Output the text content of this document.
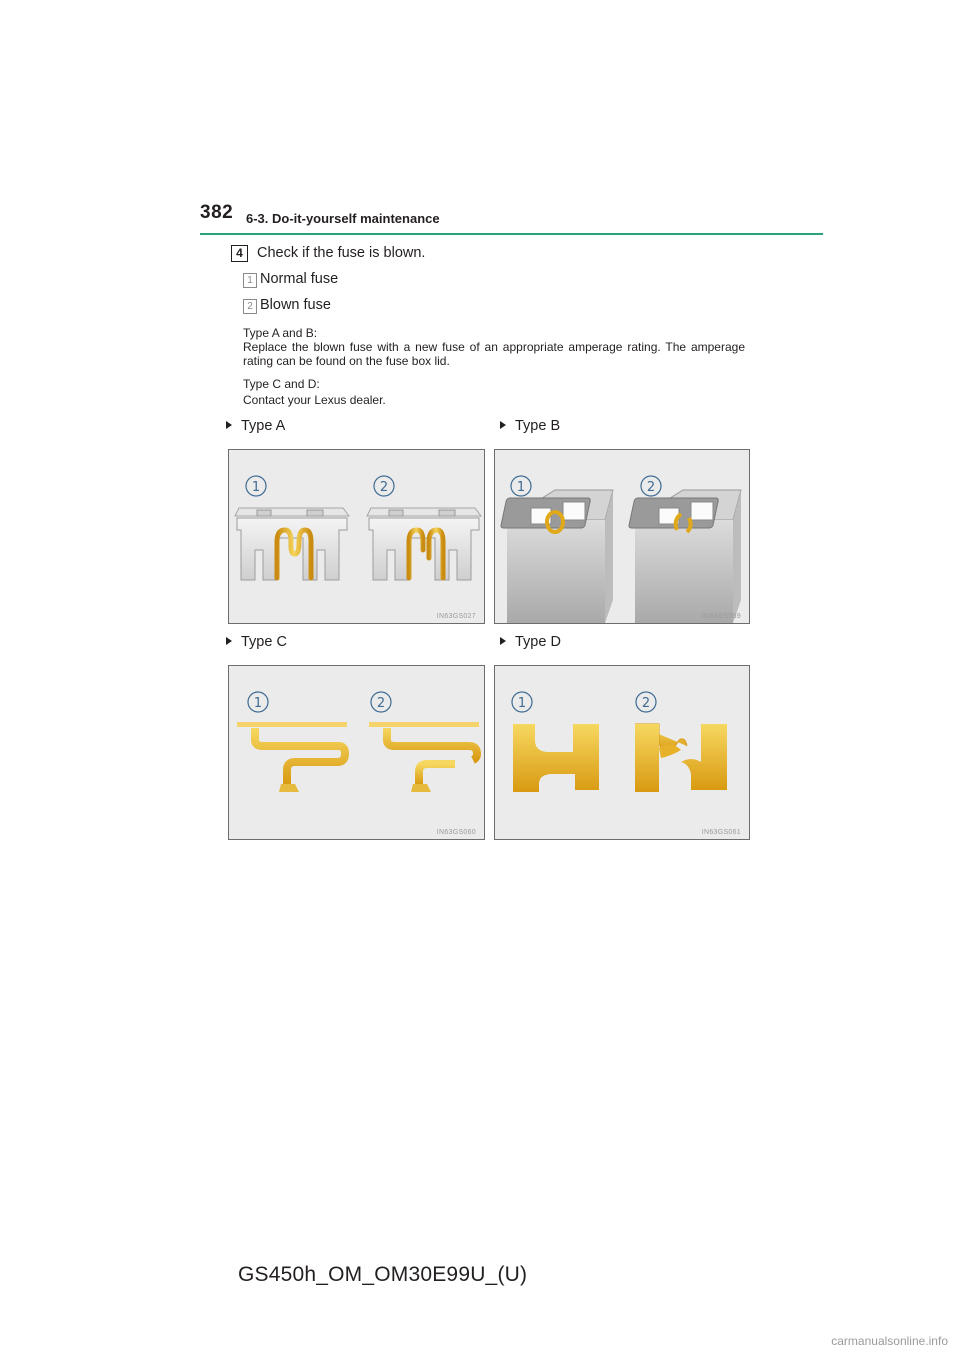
382 6-3. Do-it-yourself maintenance
4 Check if the fuse is blown.
1 Normal fuse
2 Blown fuse
Type A and B:
Replace the blown fuse with a new fuse of an appropriate amperage rating. The amperage rating can be found on the fuse box lid.
Type C and D:
Contact your Lexus dealer.
Type A	Type B
1	2
IN63GS027
1	2
IN63GS059
Type C	Type D
1	2
IN63GS060
1	2
IN63GS061
GS450h_OM_OM30E99U_(U)
carmanualsonline.info
